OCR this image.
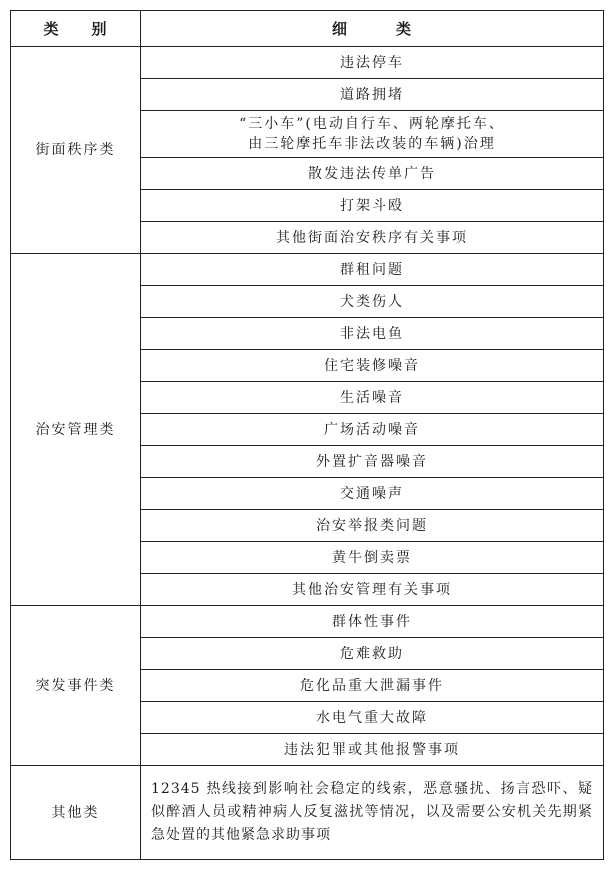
类　　别	细　　　类
街面秩序类	违法停车
	道路拥堵

	“三小车”(电动自行车、两轮摩托车、
由三轮摩托车非法改装的车辆)治理

	散发违法传单广告
	打架斗殴
	其他街面治安秩序有关事项
治安管理类	群租问题
	犬类伤人
	非法电鱼
	住宅装修噪音
	生活噪音
	广场活动噪音
	外置扩音器噪音
	交通噪声
	治安举报类问题
	黄牛倒卖票
	其他治安管理有关事项
突发事件类	群体性事件
	危难救助
	危化品重大泄漏事件
	水电气重大故障
	违法犯罪或其他报警事项
其他类	12345 热线接到影响社会稳定的线索，恶意骚扰、扬言恐吓、疑似醉酒人员或精神病人反复滋扰等情况，以及需要公安机关先期紧急处置的其他紧急求助事项
